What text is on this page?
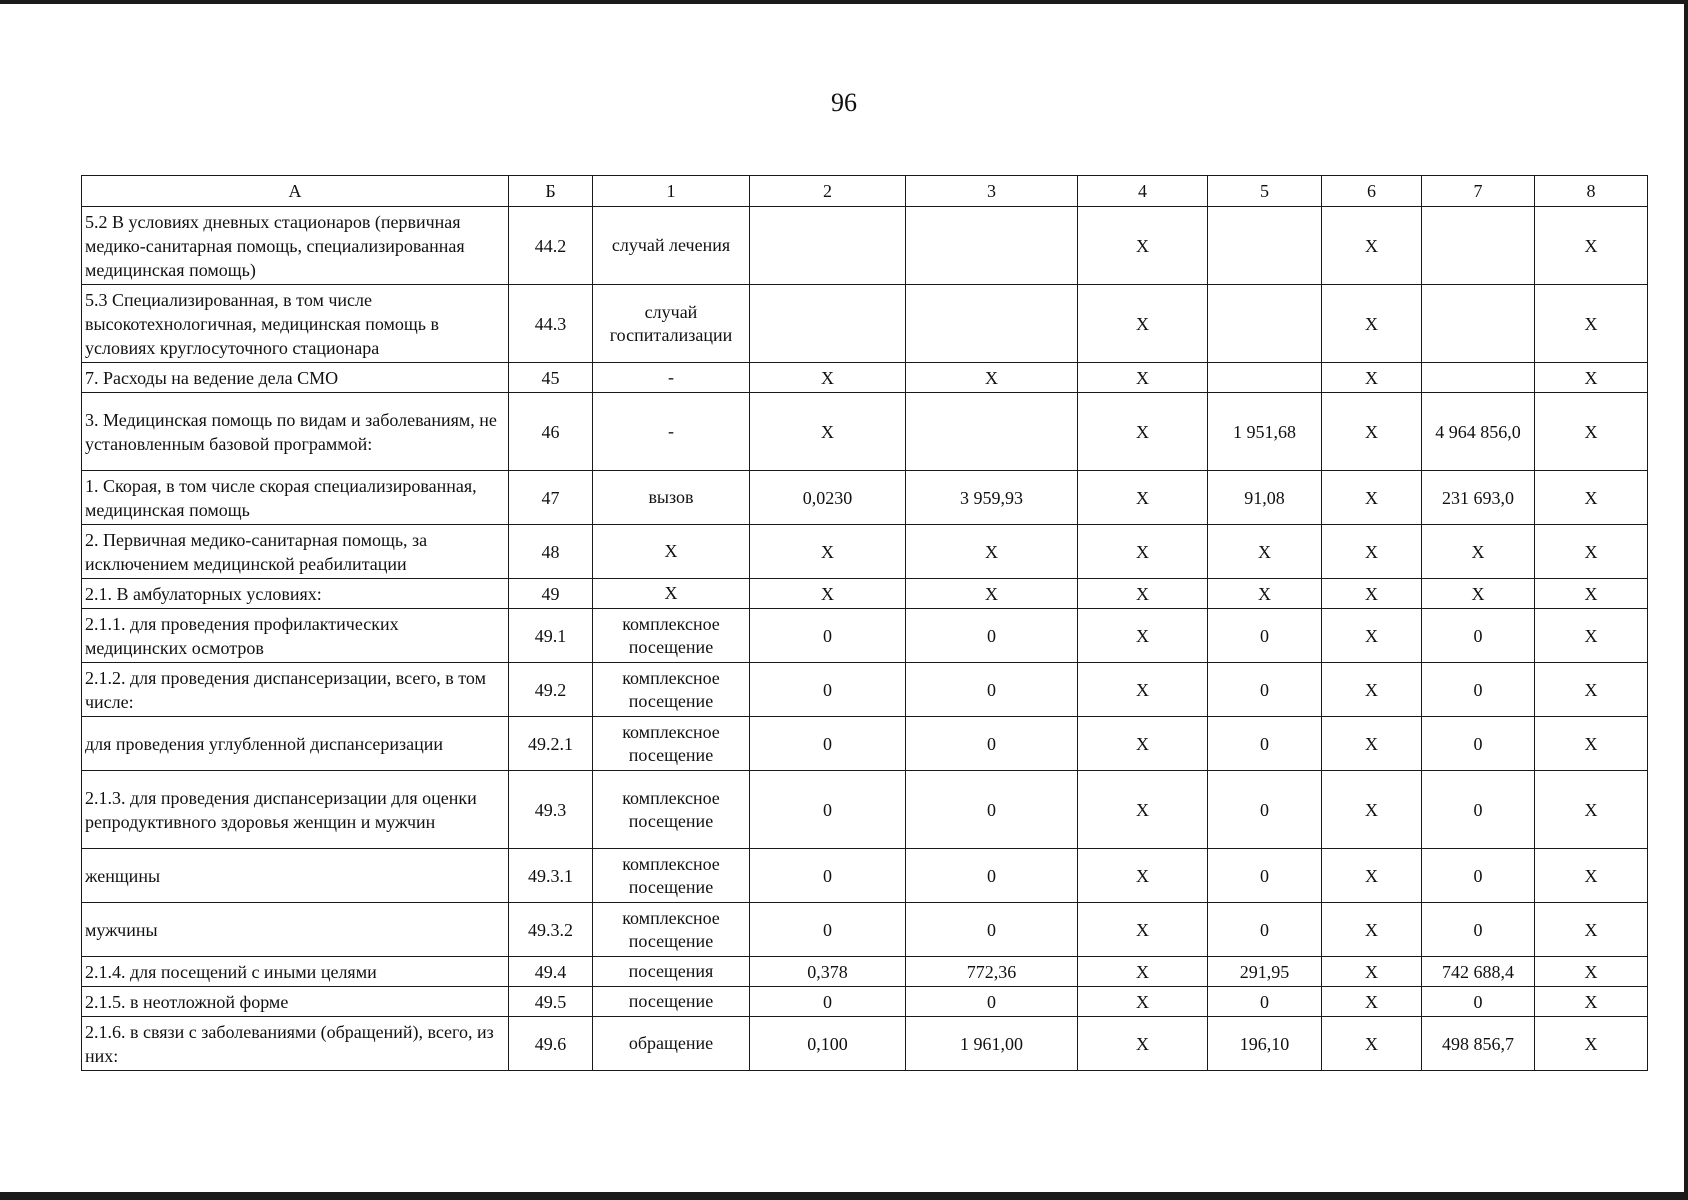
96
А	Б	1	2	3	4	5	6	7	8
5.2 В условиях дневных стационаров (первичная медико-санитарная помощь, специализированная медицинская помощь)	44.2	случай лечения			X		X		X
5.3 Специализированная, в том числе высокотехнологичная, медицинская помощь в условиях круглосуточного стационара	44.3	случай госпитализации			X		X		X
7. Расходы на ведение дела СМО	45	-	X	X	X		X		X
3. Медицинская помощь по видам и заболеваниям, не установленным базовой программой:	46	-	X		X	1 951,68	X	4 964 856,0	X
1. Скорая, в том числе скорая специализированная, медицинская помощь	47	вызов	0,0230	3 959,93	X	91,08	X	231 693,0	X
2. Первичная медико-санитарная помощь, за исключением медицинской реабилитации	48	X	X	X	X	X	X	X	X
2.1. В амбулаторных условиях:	49	X	X	X	X	X	X	X	X
2.1.1. для проведения профилактических медицинских осмотров	49.1	комплексное посещение	0	0	X	0	X	0	X
2.1.2. для проведения диспансеризации, всего, в том числе:	49.2	комплексное посещение	0	0	X	0	X	0	X
для проведения углубленной диспансеризации	49.2.1	комплексное посещение	0	0	X	0	X	0	X
2.1.3. для проведения диспансеризации для оценки репродуктивного здоровья женщин и мужчин	49.3	комплексное посещение	0	0	X	0	X	0	X
женщины	49.3.1	комплексное посещение	0	0	X	0	X	0	X
мужчины	49.3.2	комплексное посещение	0	0	X	0	X	0	X
2.1.4. для посещений с иными целями	49.4	посещения	0,378	772,36	X	291,95	X	742 688,4	X
2.1.5. в неотложной форме	49.5	посещение	0	0	X	0	X	0	X
2.1.6. в связи с заболеваниями (обращений), всего, из них:	49.6	обращение	0,100	1 961,00	X	196,10	X	498 856,7	X
